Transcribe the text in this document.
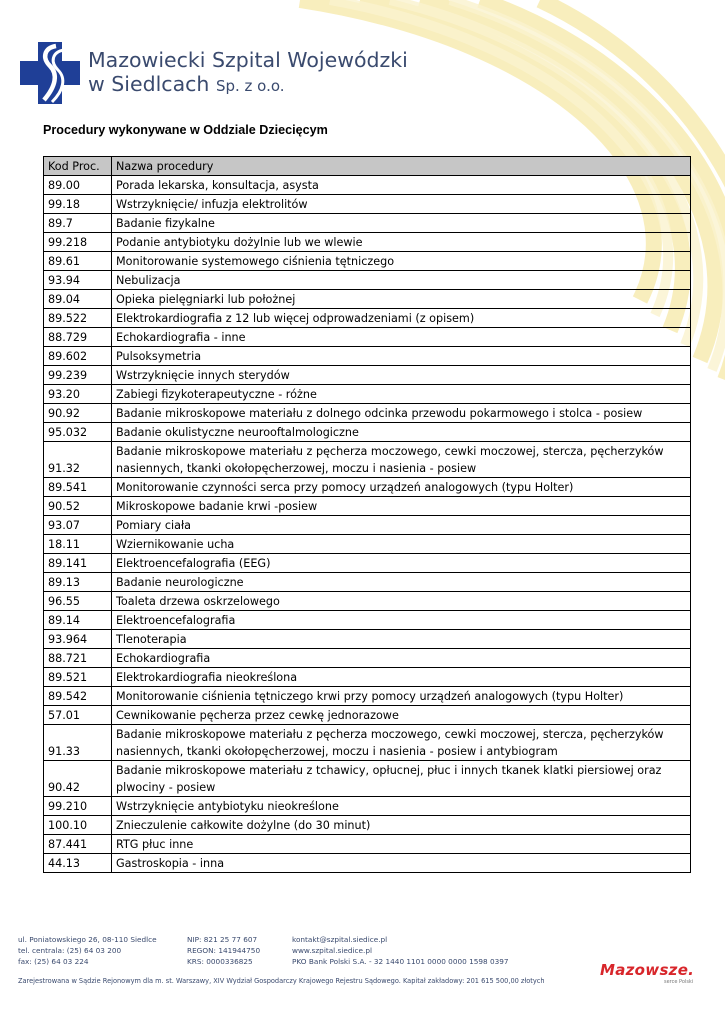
Mazowiecki Szpital Wojewódzki
w Siedlcach Sp. z o.o.
Procedury wykonywane w Oddziale Dziecięcym
Kod Proc.	Nazwa procedury
89.00	Porada lekarska, konsultacja, asysta
99.18	Wstrzyknięcie/ infuzja elektrolitów
89.7	Badanie fizykalne
99.218	Podanie antybiotyku dożylnie lub we wlewie
89.61	Monitorowanie systemowego ciśnienia tętniczego
93.94	Nebulizacja
89.04	Opieka pielęgniarki lub położnej
89.522	Elektrokardiografia z 12 lub więcej odprowadzeniami (z opisem)
88.729	Echokardiografia - inne
89.602	Pulsoksymetria
99.239	Wstrzyknięcie innych sterydów
93.20	Zabiegi fizykoterapeutyczne - różne
90.92	Badanie mikroskopowe materiału z dolnego odcinka przewodu pokarmowego i stolca - posiew
95.032	Badanie okulistyczne neurooftalmologiczne
91.32	Badanie mikroskopowe materiału z pęcherza moczowego, cewki moczowej, stercza, pęcherzyków nasiennych, tkanki okołopęcherzowej, moczu i nasienia - posiew
89.541	Monitorowanie czynności serca przy pomocy urządzeń analogowych (typu Holter)
90.52	Mikroskopowe badanie krwi -posiew
93.07	Pomiary ciała
18.11	Wziernikowanie ucha
89.141	Elektroencefalografia (EEG)
89.13	Badanie neurologiczne
96.55	Toaleta drzewa oskrzelowego
89.14	Elektroencefalografia
93.964	Tlenoterapia
88.721	Echokardiografia
89.521	Elektrokardiografia nieokreślona
89.542	Monitorowanie ciśnienia tętniczego krwi przy pomocy urządzeń analogowych (typu Holter)
57.01	Cewnikowanie pęcherza przez cewkę jednorazowe
91.33	Badanie mikroskopowe materiału z pęcherza moczowego, cewki moczowej, stercza, pęcherzyków nasiennych, tkanki okołopęcherzowej, moczu i nasienia - posiew i antybiogram
90.42	Badanie mikroskopowe materiału z tchawicy, opłucnej, płuc i innych tkanek klatki piersiowej oraz plwociny - posiew
99.210	Wstrzyknięcie antybiotyku nieokreślone
100.10	Znieczulenie całkowite dożylne (do 30 minut)
87.441	RTG płuc inne
44.13	Gastroskopia - inna
ul. Poniatowskiego 26, 08-110 Siedlce
tel. centrala: (25) 64 03 200
fax: (25) 64 03 224
NIP: 821 25 77 607
REGON: 141944750
KRS: 0000336825
kontakt@szpital.siedice.pl
www.szpital.siedice.pl
PKO Bank Polski S.A. - 32 1440 1101 0000 0000 1598 0397
Zarejestrowana w Sądzie Rejonowym dla m. st. Warszawy, XIV Wydział Gospodarczy Krajowego Rejestru Sądowego. Kapitał zakładowy: 201 615 500,00 złotych
Mazowsze.
serce Polski
